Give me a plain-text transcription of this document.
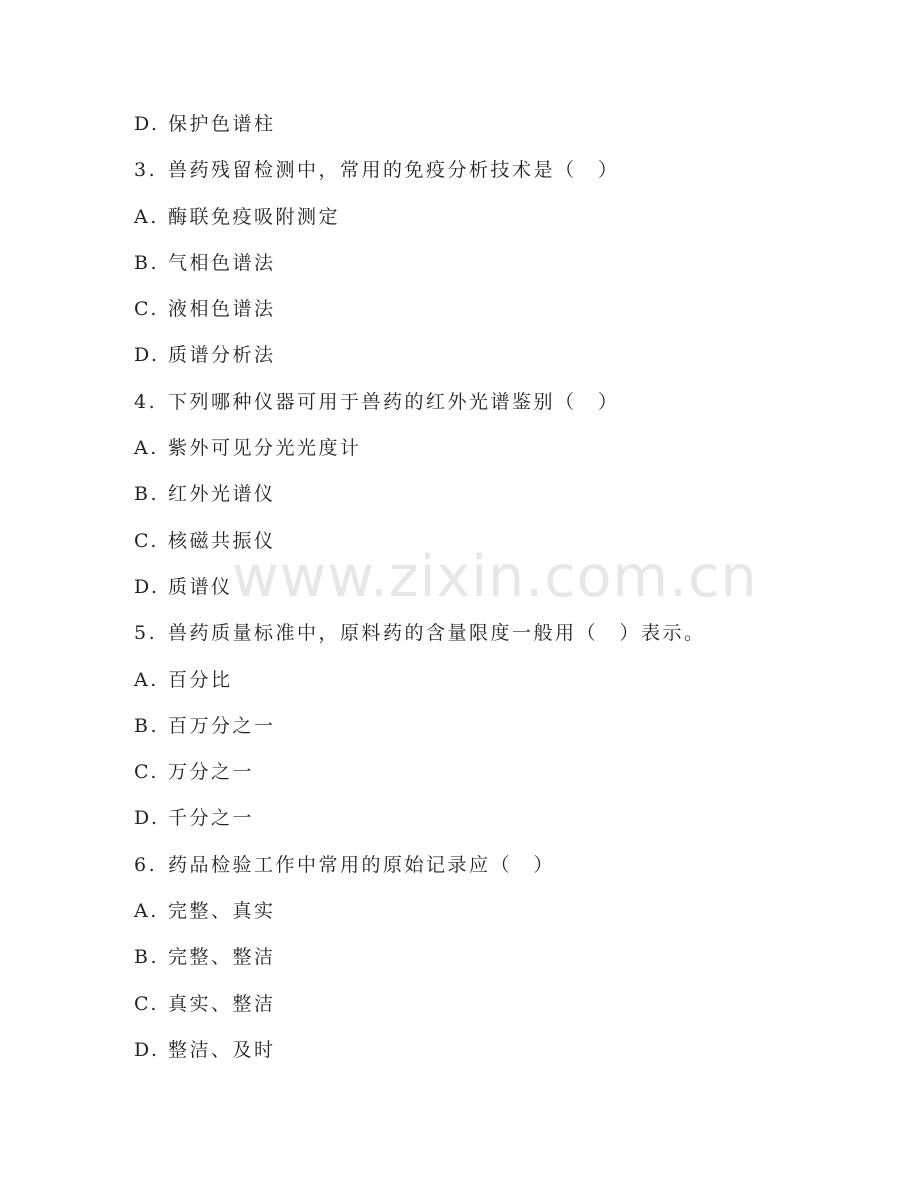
D. 保护色谱柱
3. 兽药残留检测中，常用的免疫分析技术是（　）
A. 酶联免疫吸附测定
B. 气相色谱法
C. 液相色谱法
D. 质谱分析法
4. 下列哪种仪器可用于兽药的红外光谱鉴别（　）
A. 紫外可见分光光度计
B. 红外光谱仪
C. 核磁共振仪
D. 质谱仪
5. 兽药质量标准中，原料药的含量限度一般用（　）表示。
A. 百分比
B. 百万分之一
C. 万分之一
D. 千分之一
6. 药品检验工作中常用的原始记录应（　）
A. 完整、真实
B. 完整、整洁
C. 真实、整洁
D. 整洁、及时
www.zixin.com.cn
